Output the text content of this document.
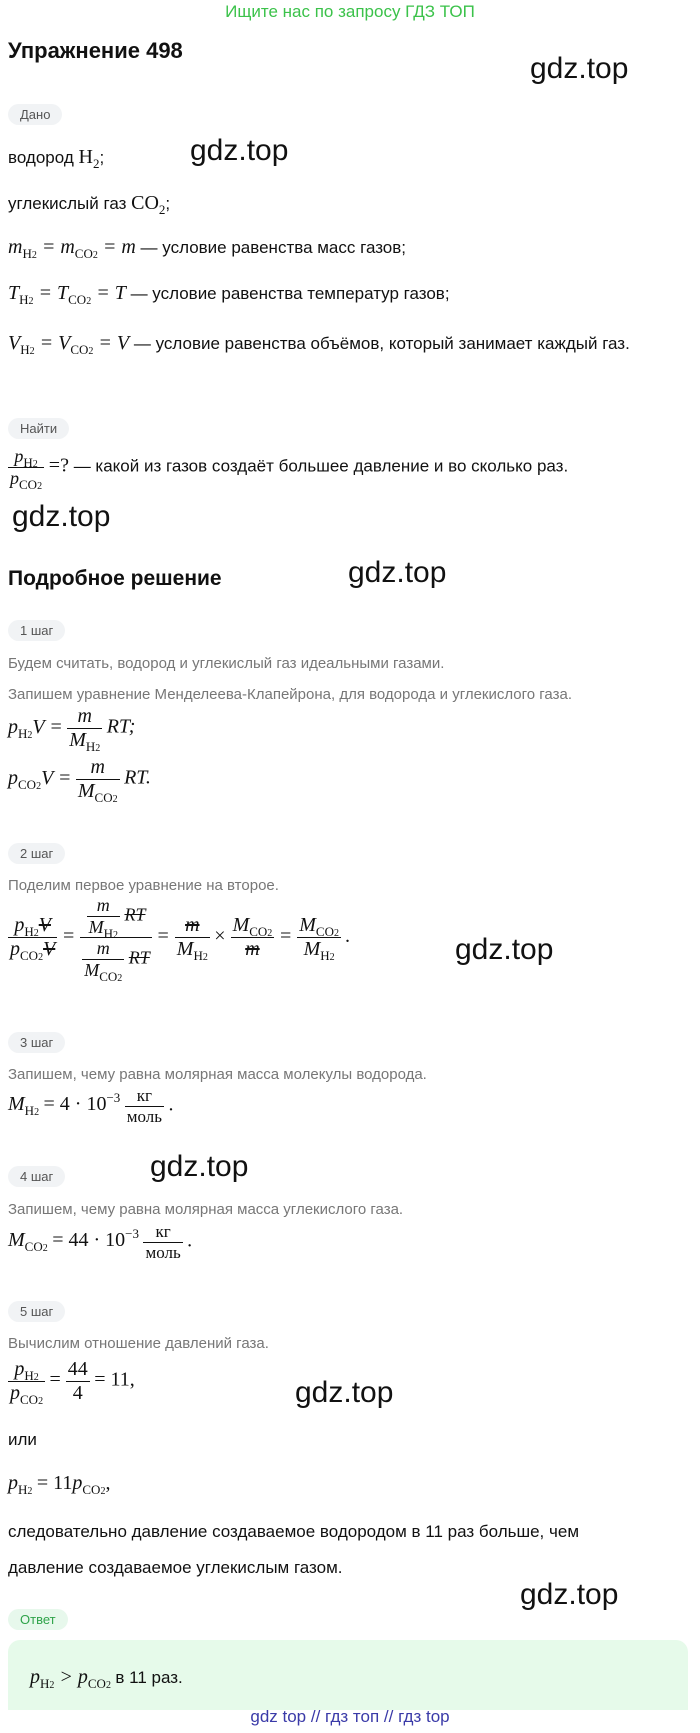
Ищите нас по запросу ГДЗ ТОП
Упражнение 498
gdz.top
gdz.top
gdz.top
gdz.top
gdz.top
gdz.top
gdz.top
gdz.top
Дано
водород $H_2$;
углекислый газ $CO_2$;
$m_{H2} = m_{CO2} = m$ — условие равенства масс газов;
$T_{H2} = T_{CO2} = T$ — условие равенства температур газов;
$V_{H2} = V_{CO2} = V$ — условие равенства объёмов, который занимает каждый газ.
Найти
$\frac{p_{H2}}{p_{CO2}}$ =? — какой из газов создаёт большее давление и во сколько раз.
Подробное решение
1 шаг
Будем считать, водород и углекислый газ идеальными газами.
Запишем уравнение Менделеева-Клапейрона, для водорода и углекислого газа.
$p_{H2}V = \frac{m}{M_{H2}}$ RT;
$p_{CO2}V = \frac{m}{M_{CO2}}$ RT.
2 шаг
Поделим первое уравнение на второе.
$\frac{p_{H2}V}{p_{CO2}V} = \frac{\frac{m}{M_{H2}} RT}{\frac{m}{M_{CO2}} RT} = \frac{m}{M_{H2}} \times \frac{M_{CO2}}{m} = \frac{M_{CO2}}{M_{H2}}$ .
3 шаг
Запишем, чему равна молярная масса молекулы водорода.
$M_{H2} = 4 \cdot 10^{-3} \frac{кг}{\text{моль}}$ .
4 шаг
Запишем, чему равна молярная масса углекислого газа.
$M_{CO2} = 44 \cdot 10^{-3} \frac{кг}{\text{моль}}$ .
5 шаг
Вычислим отношение давлений газа.
$\frac{p_{H2}}{p_{CO2}} = \frac{44}{4} = 11$,
или
$p_{H2} = 11p_{CO2}$,
следовательно давление создаваемое водородом в 11 раз больше, чем
давление создаваемое углекислым газом.
Ответ
$p_{H2} > p_{CO2}$ в 11 раз.
gdz top // гдз топ // гдз top
